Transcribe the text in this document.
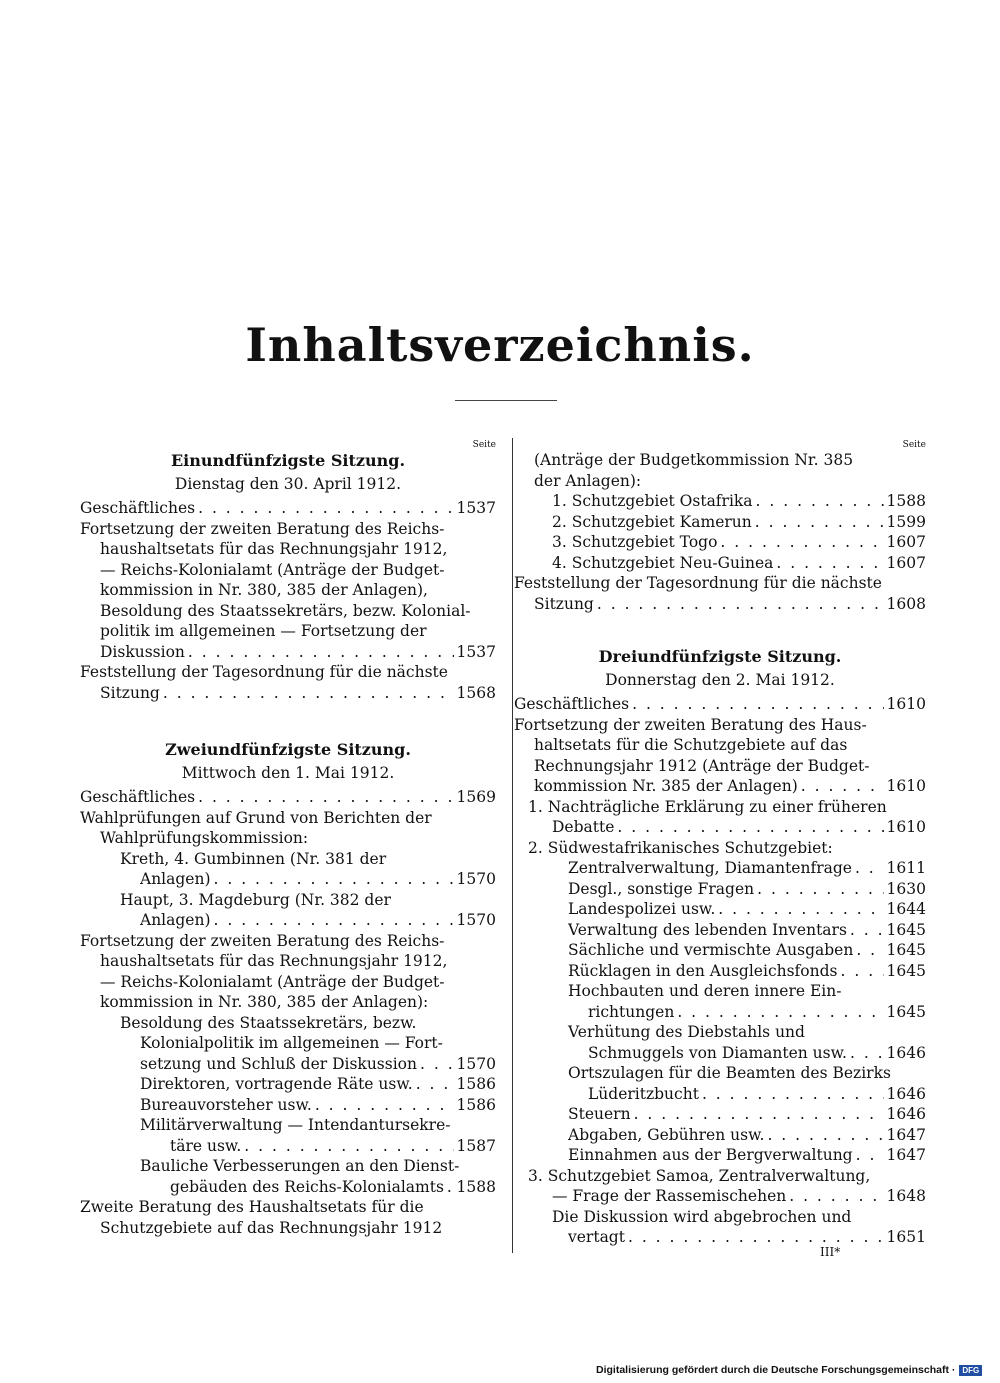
Inhaltsverzeichnis.
Seite
Einundfünfzigste Sitzung.
Dienstag den 30. April 1912.
Geschäftliches . . .	1537
Fortsetzung der zweiten Beratung des Reichs-
haushaltsetats für das Rechnungsjahr 1912,
— Reichs-Kolonialamt (Anträge der Budget-
kommission in Nr. 380, 385 der Anlagen),
Besoldung des Staatssekretärs, bezw. Kolonial-
politik im allgemeinen — Fortsetzung der
Diskussion . . .	1537
Feststellung der Tagesordnung für die nächste
Sitzung . . .	1568
Zweiundfünfzigste Sitzung.
Mittwoch den 1. Mai 1912.
Geschäftliches . . .	1569
Wahlprüfungen auf Grund von Berichten der
Wahlprüfungskommission:
Kreth, 4. Gumbinnen (Nr. 381 der
Anlagen) . . .	1570
Haupt, 3. Magdeburg (Nr. 382 der
Anlagen) . . .	1570
Fortsetzung der zweiten Beratung des Reichs-
haushaltsetats für das Rechnungsjahr 1912,
— Reichs-Kolonialamt (Anträge der Budget-
kommission in Nr. 380, 385 der Anlagen):
Besoldung des Staatssekretärs, bezw.
Kolonialpolitik im allgemeinen — Fort-
setzung und Schluß der Diskussion . . .	1570
Direktoren, vortragende Räte usw. . . .	1586
Bureauvorsteher usw. . . .	1586
Militärverwaltung — Intendantursekre-
täre usw. . . .	1587
Bauliche Verbesserungen an den Dienst-
gebäuden des Reichs-Kolonialamts . . . 1588
Zweite Beratung des Haushaltsetats für die
Schutzgebiete auf das Rechnungsjahr 1912
Seite
(Anträge der Budgetkommission Nr. 385
der Anlagen):
1. Schutzgebiet Ostafrika . . .	1588
2. Schutzgebiet Kamerun . . .	1599
3. Schutzgebiet Togo . . .	1607
4. Schutzgebiet Neu-Guinea . . .	1607
Feststellung der Tagesordnung für die nächste
Sitzung . . .	1608
Dreiundfünfzigste Sitzung.
Donnerstag den 2. Mai 1912.
Geschäftliches . . .	1610
Fortsetzung der zweiten Beratung des Haus-
haltsetats für die Schutzgebiete auf das
Rechnungsjahr 1912 (Anträge der Budget-
kommission Nr. 385 der Anlagen) . . .	1610
1. Nachträgliche Erklärung zu einer früheren
Debatte . . .	1610
2. Südwestafrikanisches Schutzgebiet:
Zentralverwaltung, Diamantenfrage . . . 1611
Desgl., sonstige Fragen . . .	1630
Landespolizei usw. . . .	1644
Verwaltung des lebenden Inventars . . .	1645
Sächliche und vermischte Ausgaben . . . 1645
Rücklagen in den Ausgleichsfonds . . .	1645
Hochbauten und deren innere Ein-
richtungen . . .	1645
Verhütung des Diebstahls und
Schmuggels von Diamanten usw. . . .	1646
Ortszulagen für die Beamten des Bezirks
Lüderitzbucht . . .	1646
Steuern . . .	1646
Abgaben, Gebühren usw. . . .	1647
Einnahmen aus der Bergverwaltung . . . 1647
3. Schutzgebiet Samoa, Zentralverwaltung,
— Frage der Rassemischehen . . .	1648
Die Diskussion wird abgebrochen und
vertagt . . .	1651
III*
Digitalisierung gefördert durch die Deutsche Forschungsgemeinschaft · DFG
